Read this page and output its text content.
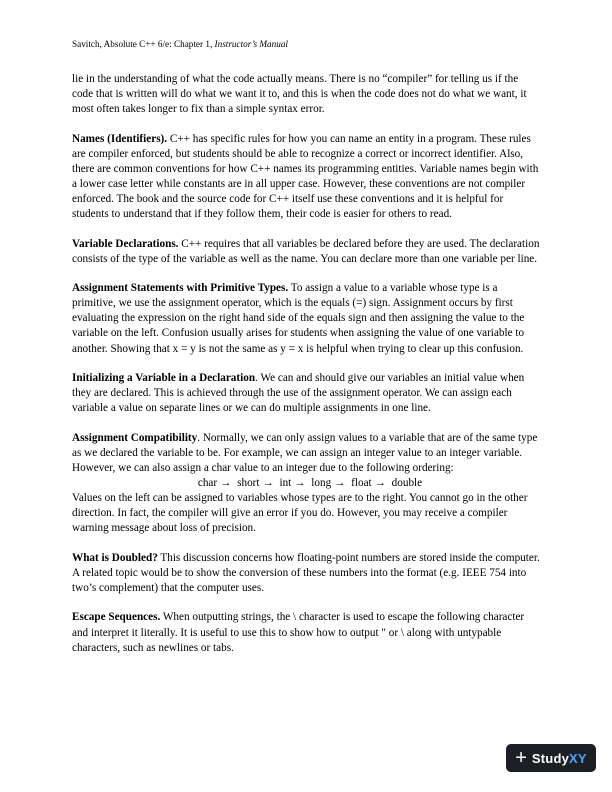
Savitch, Absolute C++ 6/e: Chapter 1, Instructor’s Manual

lie in the understanding of what the code actually means. There is no “compiler” for telling us if the code that is written will do what we want it to, and this is when the code does not do what we want, it most often takes longer to fix than a simple syntax error.

Names (Identifiers). C++ has specific rules for how you can name an entity in a program. These rules are compiler enforced, but students should be able to recognize a correct or incorrect identifier. Also, there are common conventions for how C++ names its programming entities. Variable names begin with a lower case letter while constants are in all upper case. However, these conventions are not compiler enforced. The book and the source code for C++ itself use these conventions and it is helpful for students to understand that if they follow them, their code is easier for others to read.

Variable Declarations. C++ requires that all variables be declared before they are used. The declaration consists of the type of the variable as well as the name. You can declare more than one variable per line.

Assignment Statements with Primitive Types. To assign a value to a variable whose type is a primitive, we use the assignment operator, which is the equals (=) sign. Assignment occurs by first evaluating the expression on the right hand side of the equals sign and then assigning the value to the variable on the left. Confusion usually arises for students when assigning the value of one variable to another. Showing that x = y is not the same as y = x is helpful when trying to clear up this confusion.

Initializing a Variable in a Declaration. We can and should give our variables an initial value when they are declared. This is achieved through the use of the assignment operator. We can assign each variable a value on separate lines or we can do multiple assignments in one line.

Assignment Compatibility. Normally, we can only assign values to a variable that are of the same type as we declared the variable to be. For example, we can assign an integer value to an integer variable. However, we can also assign a char value to an integer due to the following ordering:

char → short → int → long → float → double

Values on the left can be assigned to variables whose types are to the right. You cannot go in the other direction. In fact, the compiler will give an error if you do. However, you may receive a compiler warning message about loss of precision.

What is Doubled? This discussion concerns how floating-point numbers are stored inside the computer. A related topic would be to show the conversion of these numbers into the format (e.g. IEEE 754 into two’s complement) that the computer uses.

Escape Sequences. When outputting strings, the \ character is used to escape the following character and interpret it literally. It is useful to use this to show how to output " or \ along with untypable characters, such as newlines or tabs.

+ StudyXY
